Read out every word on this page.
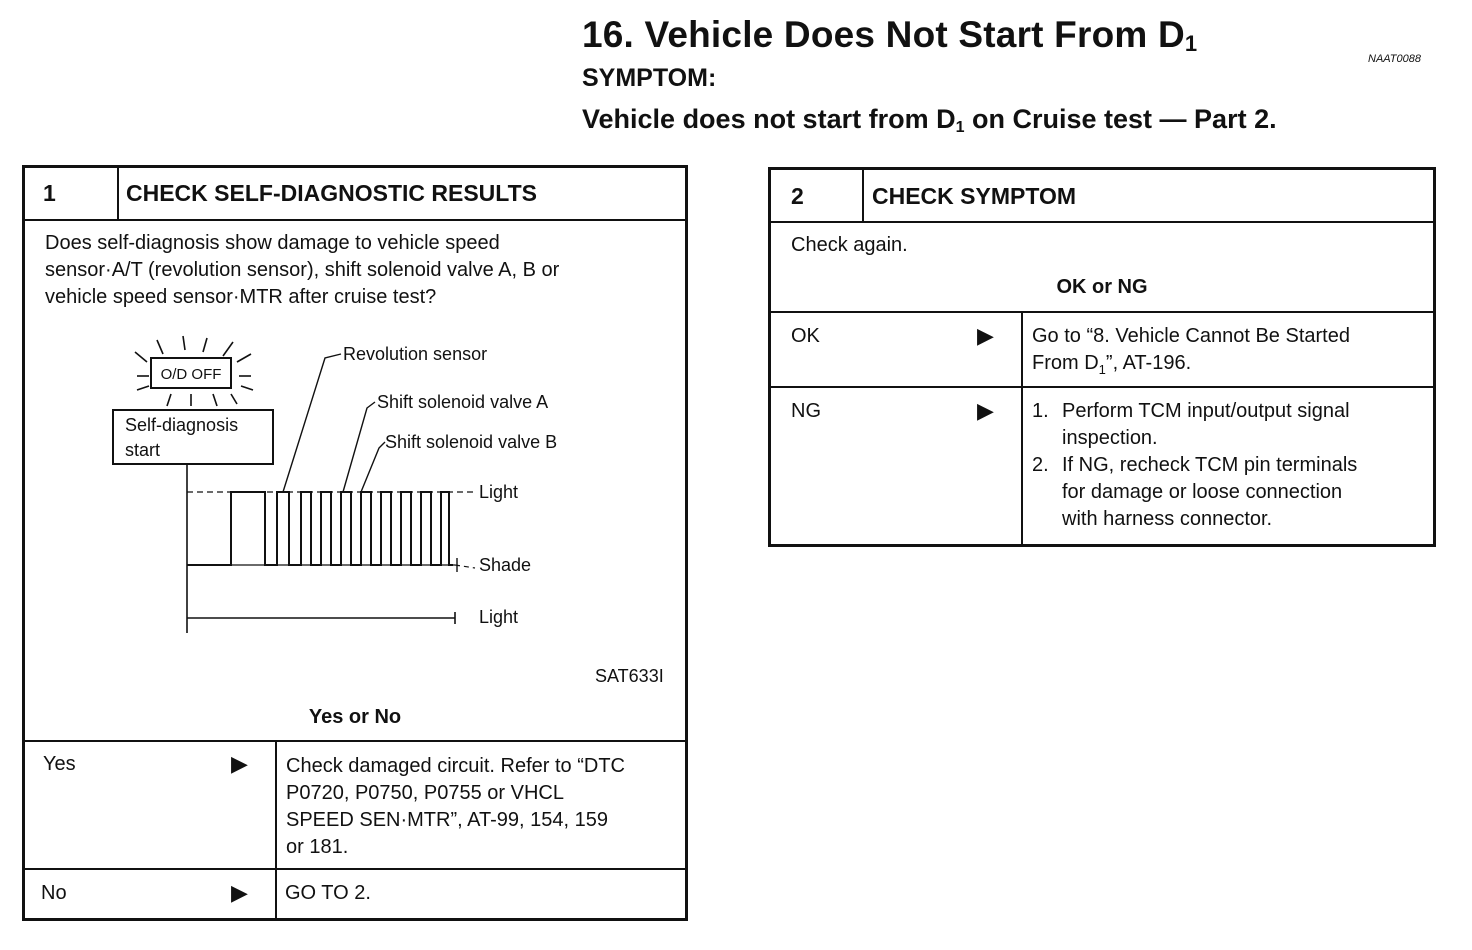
16. Vehicle Does Not Start From $D_1$
NAAT0088
SYMPTOM:
Vehicle does not start from $D_1$ on Cruise test — Part 2.
1	CHECK SELF-DIAGNOSTIC RESULTS
Does self-diagnosis show damage to vehicle speed
sensor·A/T (revolution sensor), shift solenoid valve A, B or
vehicle speed sensor·MTR after cruise test?
O/D OFF
Self-diagnosis
start
Revolution sensor
Shift solenoid valve A
Shift solenoid valve B
Light
Shade
Light
SAT633I
Yes or No
Yes	▶ Check damaged circuit. Refer to “DTC
P0720, P0750, P0755 or VHCL
SPEED SEN·MTR”, AT-99, 154, 159
or 181.
No	▶ GO TO 2.
2	CHECK SYMPTOM
Check again.
OK or NG
OK	▶ Go to “8. Vehicle Cannot Be Started
From $D_1$”, AT-196.
NG	▶ 1. Perform TCM input/output signal
inspection.
2. If NG, recheck TCM pin terminals
for damage or loose connection
with harness connector.
